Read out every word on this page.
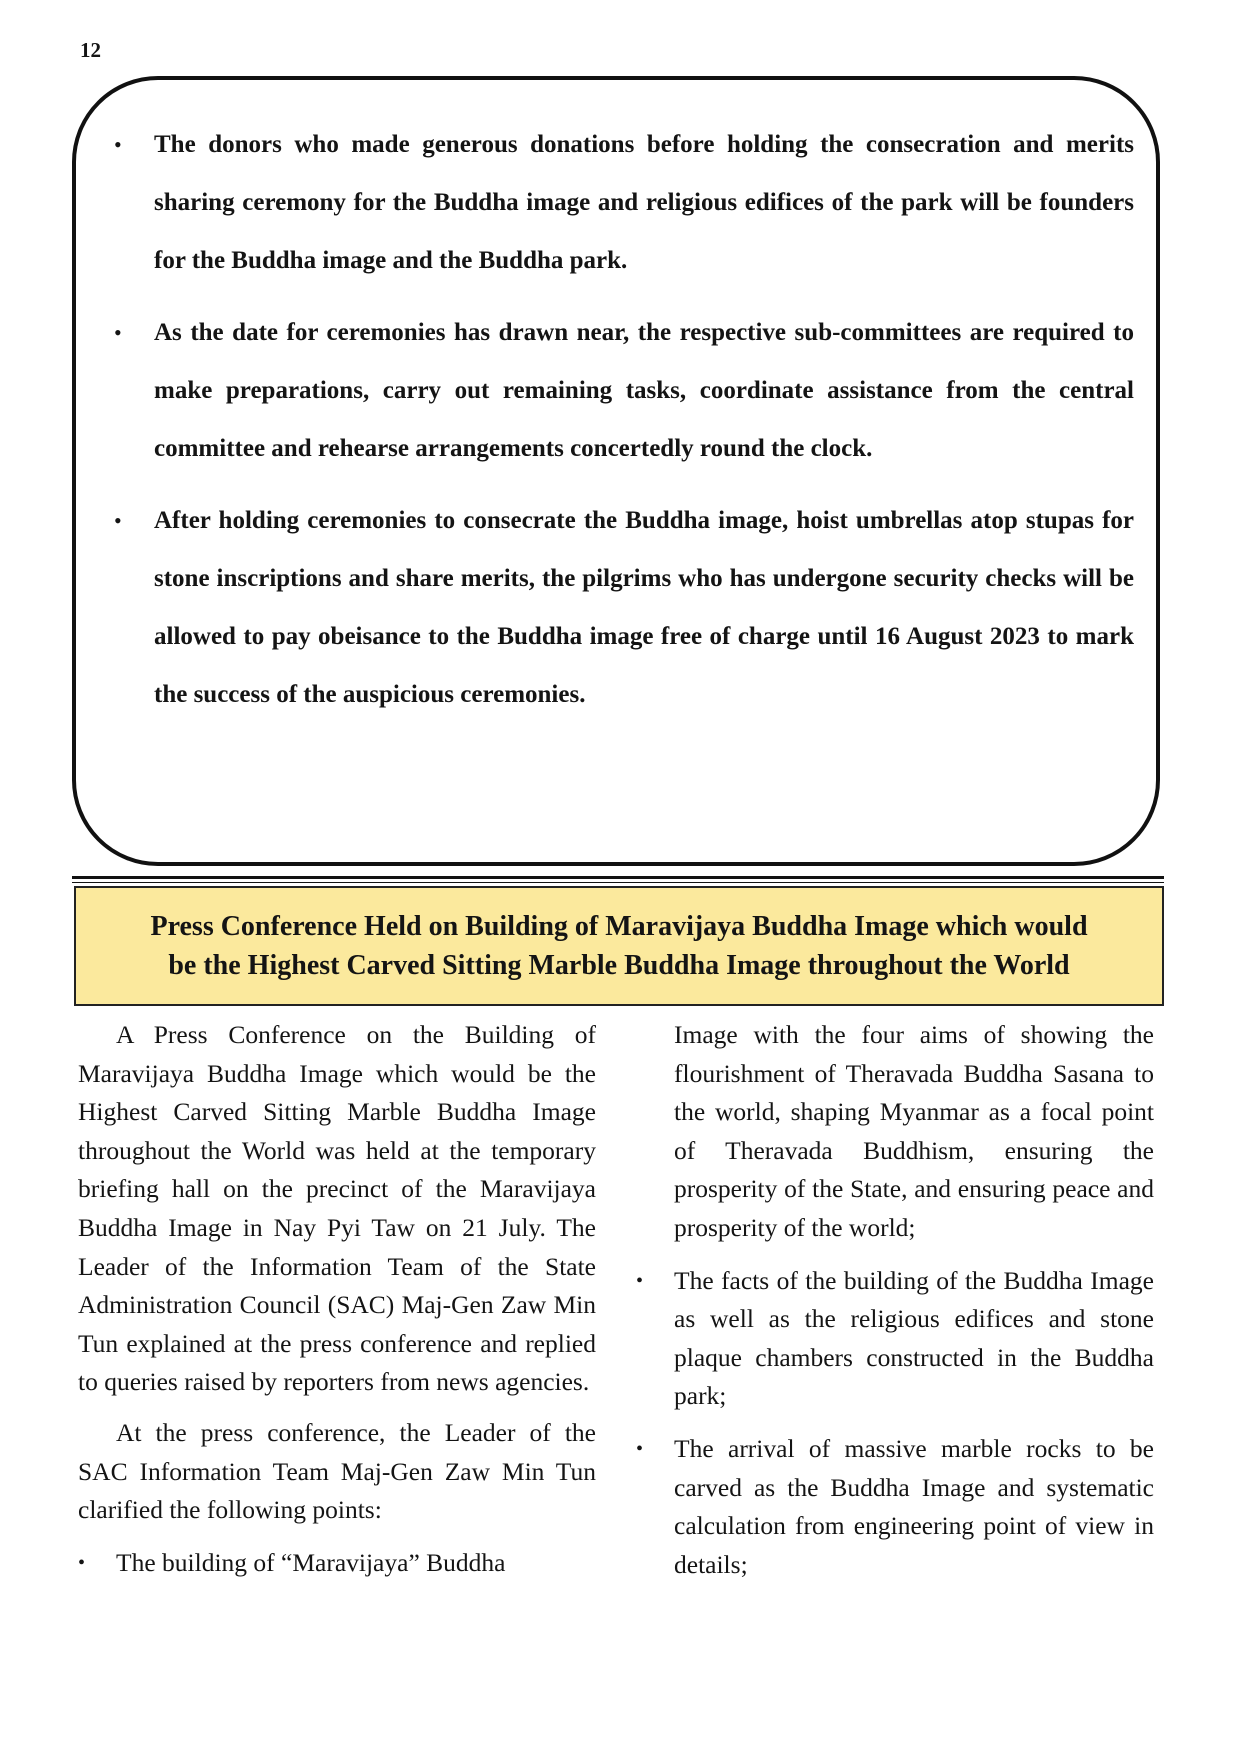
12
• The donors who made generous donations before holding the consecration and merits sharing ceremony for the Buddha image and religious edifices of the park will be founders for the Buddha image and the Buddha park.
• As the date for ceremonies has drawn near, the respective sub-committees are required to make preparations, carry out remaining tasks, coordinate assistance from the central committee and rehearse arrangements concertedly round the clock.
• After holding ceremonies to consecrate the Buddha image, hoist umbrellas atop stupas for stone inscriptions and share merits, the pilgrims who has undergone security checks will be allowed to pay obeisance to the Buddha image free of charge until 16 August 2023 to mark the success of the auspicious ceremonies.
Press Conference Held on Building of Maravijaya Buddha Image which would
be the Highest Carved Sitting Marble Buddha Image throughout the World

A Press Conference on the Building of Maravijaya Buddha Image which would be the Highest Carved Sitting Marble Buddha Image throughout the World was held at the temporary briefing hall on the precinct of the Maravijaya Buddha Image in Nay Pyi Taw on 21 July. The Leader of the Information Team of the State Administration Council (SAC) Maj-Gen Zaw Min Tun explained at the press conference and replied to queries raised by reporters from news agencies.

At the press conference, the Leader of the SAC Information Team Maj-Gen Zaw Min Tun clarified the following points:

• The building of “Maravijaya” Buddha

Image with the four aims of showing the flourishment of Theravada Buddha Sasana to the world, shaping Myanmar as a focal point of Theravada Buddhism, ensuring the prosperity of the State, and ensuring peace and prosperity of the world;

• The facts of the building of the Buddha Image as well as the religious edifices and stone plaque chambers constructed in the Buddha park;
• The arrival of massive marble rocks to be carved as the Buddha Image and systematic calculation from engineering point of view in details;
